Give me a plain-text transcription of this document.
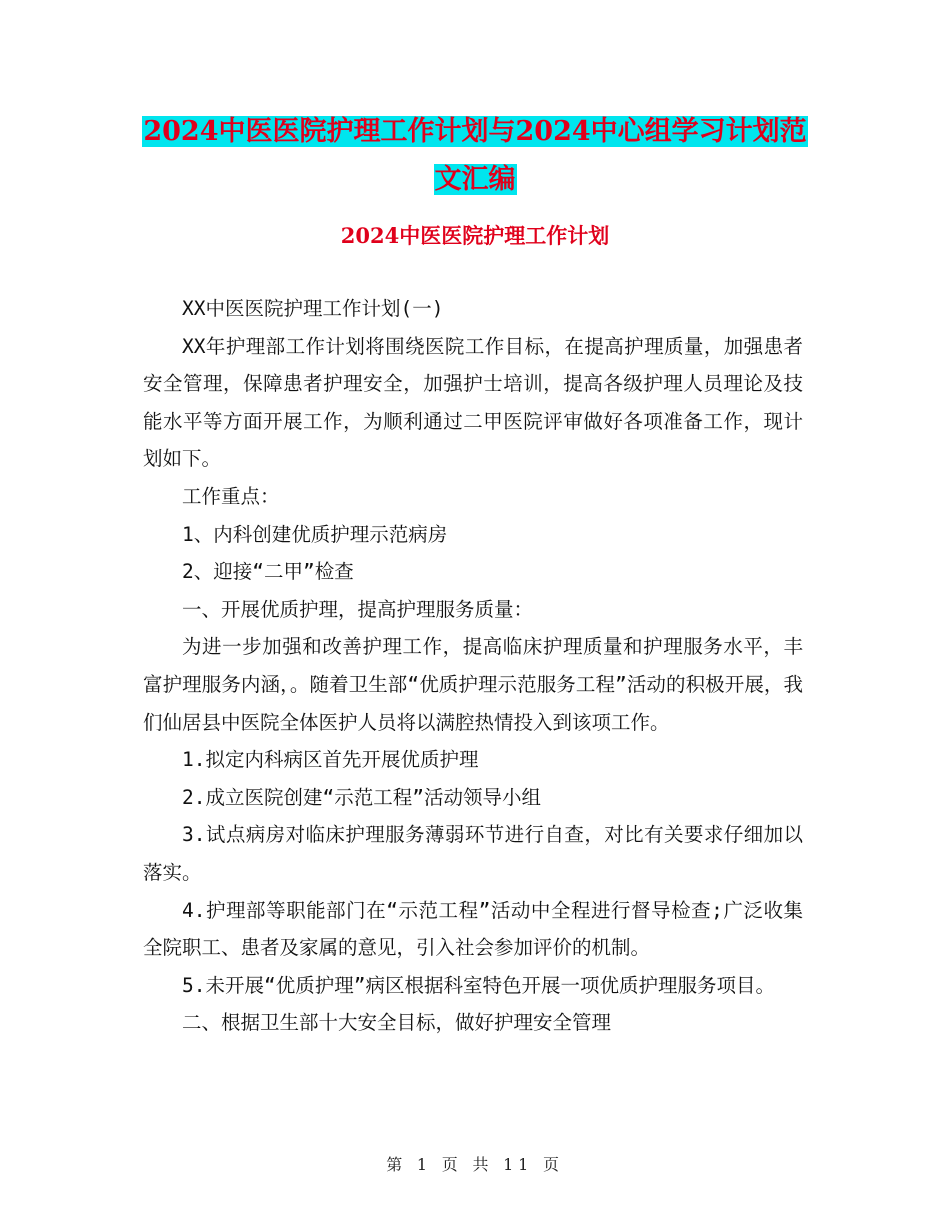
2024中医医院护理工作计划与2024中心组学习计划范
文汇编
2024中医医院护理工作计划

XX中医医院护理工作计划(一)

XX年护理部工作计划将围绕医院工作目标，在提高护理质量，加强患者安全管理，保障患者护理安全，加强护士培训，提高各级护理人员理论及技能水平等方面开展工作，为顺利通过二甲医院评审做好各项准备工作，现计划如下。

工作重点：

1、内科创建优质护理示范病房

2、迎接“二甲”检查

一、开展优质护理，提高护理服务质量：

为进一步加强和改善护理工作，提高临床护理质量和护理服务水平，丰富护理服务内涵，。随着卫生部“优质护理示范服务工程”活动的积极开展，我们仙居县中医院全体医护人员将以满腔热情投入到该项工作。

1.拟定内科病区首先开展优质护理

2.成立医院创建“示范工程”活动领导小组

3.试点病房对临床护理服务薄弱环节进行自查，对比有关要求仔细加以落实。

4.护理部等职能部门在“示范工程”活动中全程进行督导检查;广泛收集全院职工、患者及家属的意见，引入社会参加评价的机制。

5.未开展“优质护理”病区根据科室特色开展一项优质护理服务项目。

二、根据卫生部十大安全目标，做好护理安全管理

第 1 页 共 11 页
